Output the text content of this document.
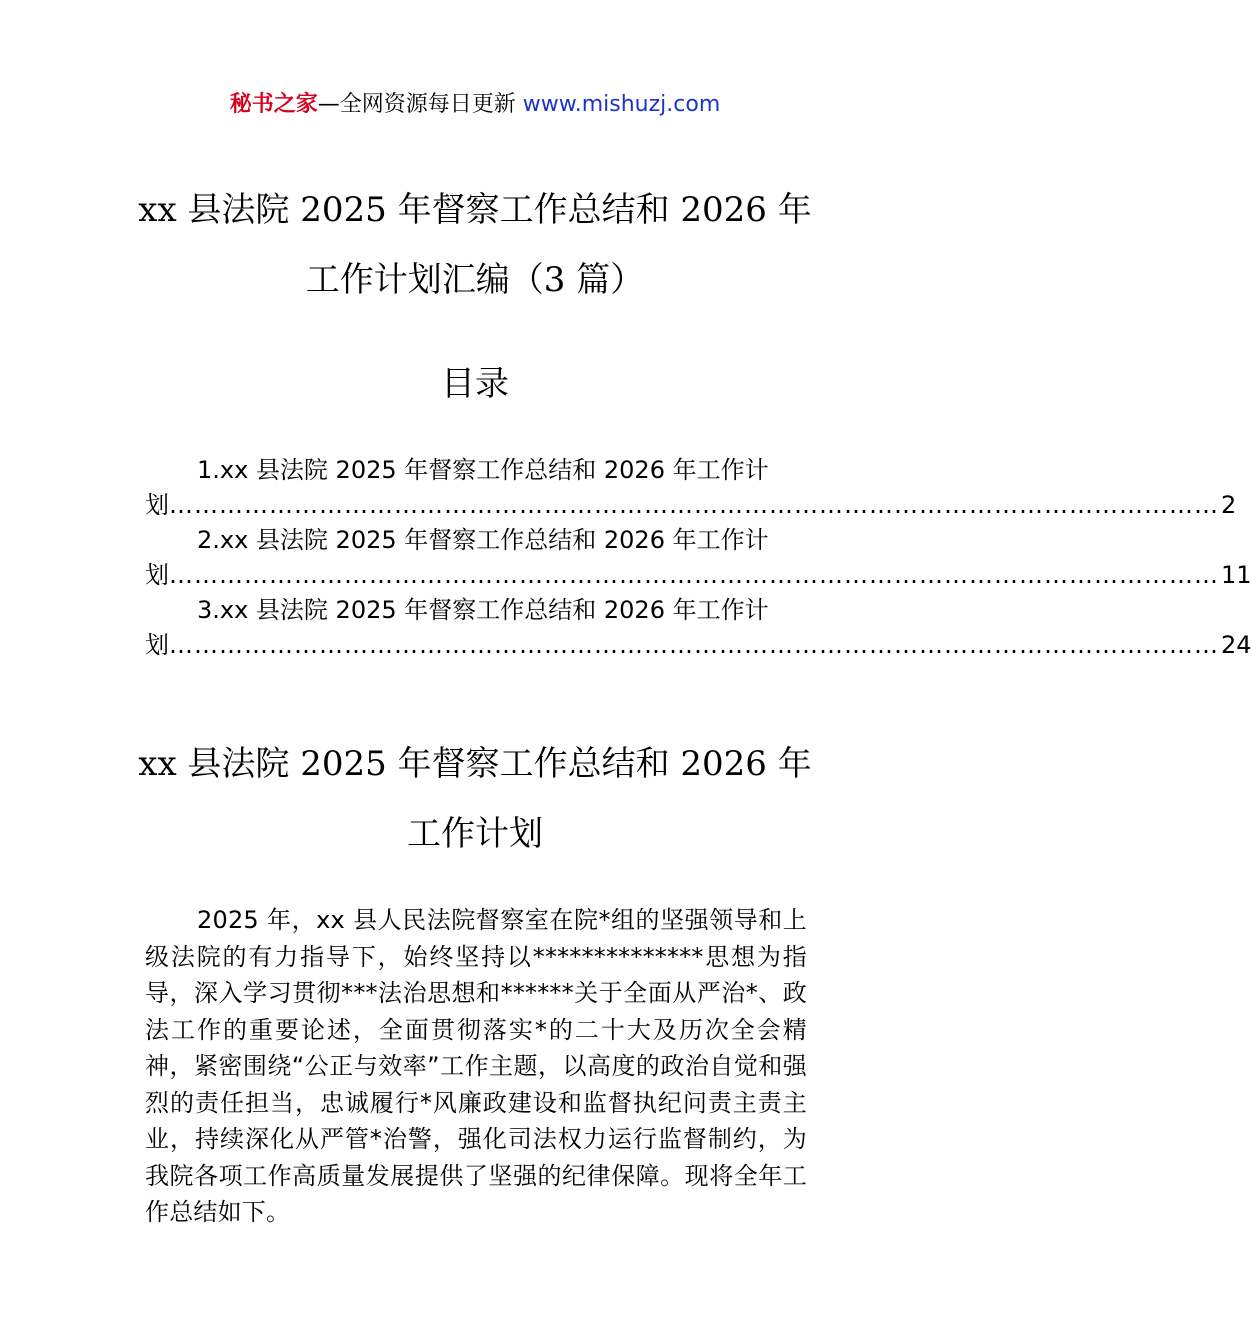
秘书之家—全网资源每日更新 www.mishuzj.com
xx 县法院 2025 年督察工作总结和 2026 年
工作计划汇编（3 篇）
目录
1.xx 县法院 2025 年督察工作总结和 2026 年工作计
划 ……………………………………………………………………………………………………………… 2
2.xx 县法院 2025 年督察工作总结和 2026 年工作计
划 ……………………………………………………………………………………………………………… 11
3.xx 县法院 2025 年督察工作总结和 2026 年工作计
划 ……………………………………………………………………………………………………………… 24
xx 县法院 2025 年督察工作总结和 2026 年
工作计划
2025 年，xx 县人民法院督察室在院*组的坚强领导和上级法院的有力指导下，始终坚持以**************思想为指导，深入学习贯彻***法治思想和******关于全面从严治*、政法工作的重要论述，全面贯彻落实*的二十大及历次全会精神，紧密围绕“公正与效率”工作主题，以高度的政治自觉和强烈的责任担当，忠诚履行*风廉政建设和监督执纪问责主责主业，持续深化从严管*治警，强化司法权力运行监督制约，为我院各项工作高质量发展提供了坚强的纪律保障。现将全年工作总结如下。
